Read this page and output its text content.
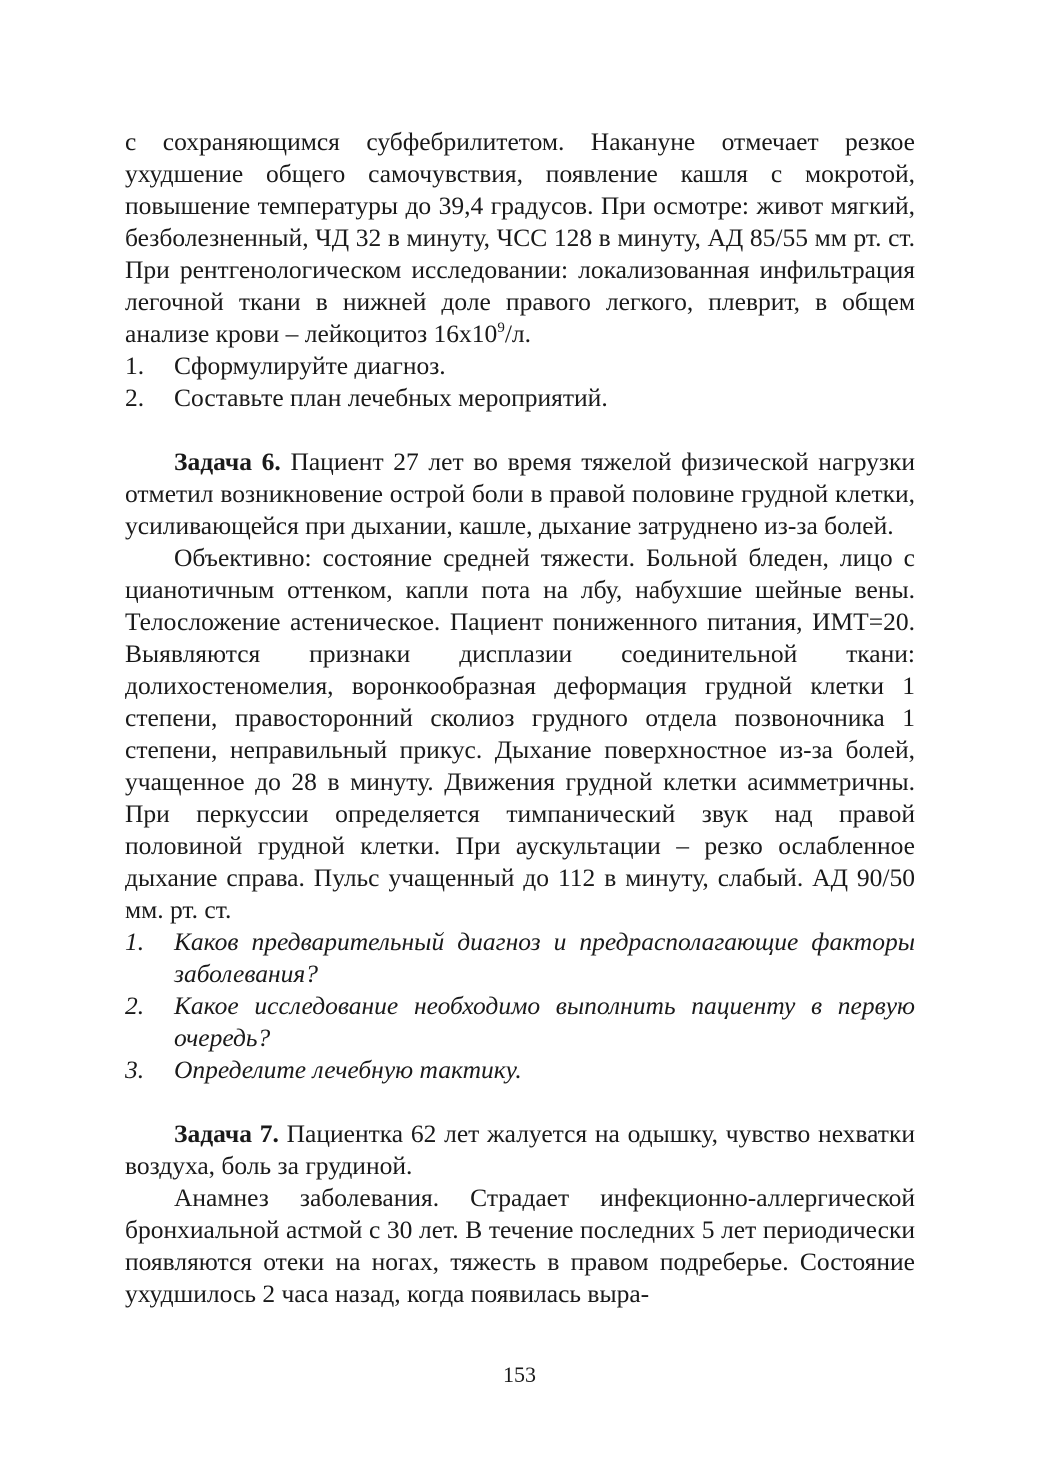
с сохраняющимся субфебрилитетом. Накануне отмечает резкое ухудшение общего самочувствия, появление кашля с мокротой, повышение температуры до 39,4 градусов. При осмотре: живот мягкий, безболезненный, ЧД 32 в минуту, ЧСС 128 в минуту, АД 85/55 мм рт. ст. При рентгенологическом исследовании: локализованная инфильтрация легочной ткани в нижней доле правого легкого, плеврит, в общем анализе крови – лейкоцитоз $16х10^9/л$.

1. Сформулируйте диагноз.
2. Составьте план лечебных мероприятий.

Задача 6. Пациент 27 лет во время тяжелой физической нагрузки отметил возникновение острой боли в правой половине грудной клетки, усиливающейся при дыхании, кашле, дыхание затруднено из-за болей.

Объективно: состояние средней тяжести. Больной бледен, лицо с цианотичным оттенком, капли пота на лбу, набухшие шейные вены. Телосложение астеническое. Пациент пониженного питания, ИМТ=20. Выявляются признаки дисплазии соединительной ткани: долихостеномелия, воронкообразная деформация грудной клетки 1 степени, правосторонний сколиоз грудного отдела позвоночника 1 степени, неправильный прикус. Дыхание поверхностное из-за болей, учащенное до 28 в минуту. Движения грудной клетки асимметричны. При перкуссии определяется тимпанический звук над правой половиной грудной клетки. При аускультации – резко ослабленное дыхание справа. Пульс учащенный до 112 в минуту, слабый. АД 90/50 мм. рт. ст.

1. Каков предварительный диагноз и предрасполагающие факторы заболевания?
2. Какое исследование необходимо выполнить пациенту в первую очередь?
3. Определите лечебную тактику.

Задача 7. Пациентка 62 лет жалуется на одышку, чувство нехватки воздуха, боль за грудиной.

Анамнез заболевания. Страдает инфекционно-аллергической бронхиальной астмой с 30 лет. В течение последних 5 лет периодически появляются отеки на ногах, тяжесть в правом подреберье. Состояние ухудшилось 2 часа назад, когда появилась выра-

153
